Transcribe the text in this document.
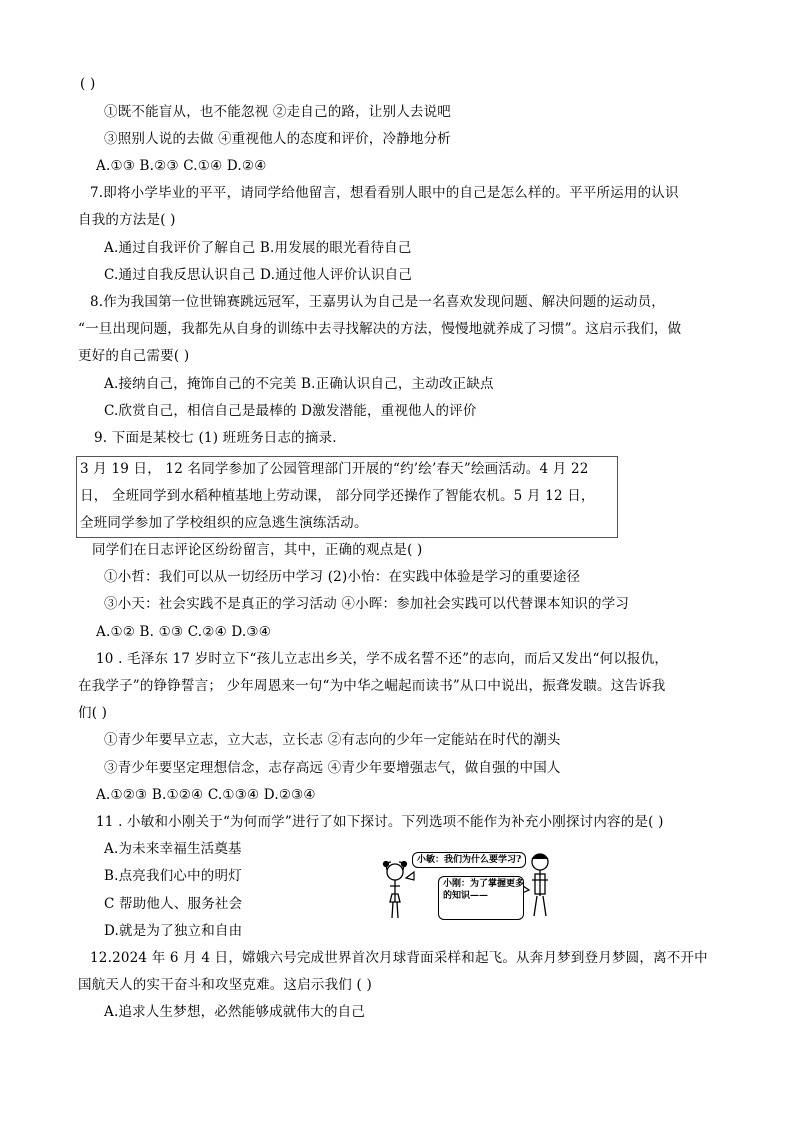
( )
①既不能盲从，也不能忽视 ②走自己的路，让别人去说吧
③照别人说的去做 ④重视他人的态度和评价，冷静地分析
A.①③ B.②③ C.①④ D.②④
7.即将小学毕业的平平，请同学给他留言，想看看别人眼中的自己是怎么样的。平平所运用的认识
自我的方法是( )
A.通过自我评价了解自己 B.用发展的眼光看待自己
C.通过自我反思认识自己 D.通过他人评价认识自己
8.作为我国第一位世锦赛跳远冠军，王嘉男认为自己是一名喜欢发现问题、解决问题的运动员，
“一旦出现问题，我都先从自身的训练中去寻找解决的方法，慢慢地就养成了习惯”。这启示我们，做
更好的自己需要( )
A.接纳自己，掩饰自己的不完美 B.正确认识自己，主动改正缺点
C.欣赏自己，相信自己是最棒的 D激发潜能，重视他人的评价
9. 下面是某校七 (1) 班班务日志的摘录.
3 月 19 日， 12 名同学参加了公园管理部门开展的“约’绘’春天”绘画活动。4 月 22
日， 全班同学到水稻种植基地上劳动课， 部分同学还操作了智能农机。5 月 12 日，
全班同学参加了学校组织的应急逃生演练活动。
同学们在日志评论区纷纷留言，其中，正确的观点是( )
①小哲：我们可以从一切经历中学习 (2)小怡：在实践中体验是学习的重要途径
③小天：社会实践不是真正的学习活动 ④小晖：参加社会实践可以代替课本知识的学习
A.①② B. ①③ C.②④ D.③④
10 . 毛泽东 17 岁时立下“孩儿立志出乡关，学不成名誓不还”的志向，而后又发出“何以报仇，
在我学子”的铮铮誓言； 少年周恩来一句“为中华之崛起而读书”从口中说出，振聋发聩。这告诉我
们( )
①青少年要早立志，立大志，立长志 ②有志向的少年一定能站在时代的潮头
③青少年要坚定理想信念，志存高远 ④青少年要增强志气，做自强的中国人
A.①②③ B.①②④ C.①③④ D.②③④
11 . 小敏和小刚关于“为何而学”进行了如下探讨。下列选项不能作为补充小刚探讨内容的是( )
A.为未来幸福生活奠基
B.点亮我们心中的明灯
C 帮助他人、服务社会
D.就是为了独立和自由
12.2024 年 6 月 4 日，嫦娥六号完成世界首次月球背面采样和起飞。从奔月梦到登月梦圆，离不开中
国航天人的实干奋斗和攻坚克难。这启示我们 ( )
A.追求人生梦想，必然能够成就伟大的自己
小敏：我们为什么要学习?
小刚：为了掌握更多
的知识——
